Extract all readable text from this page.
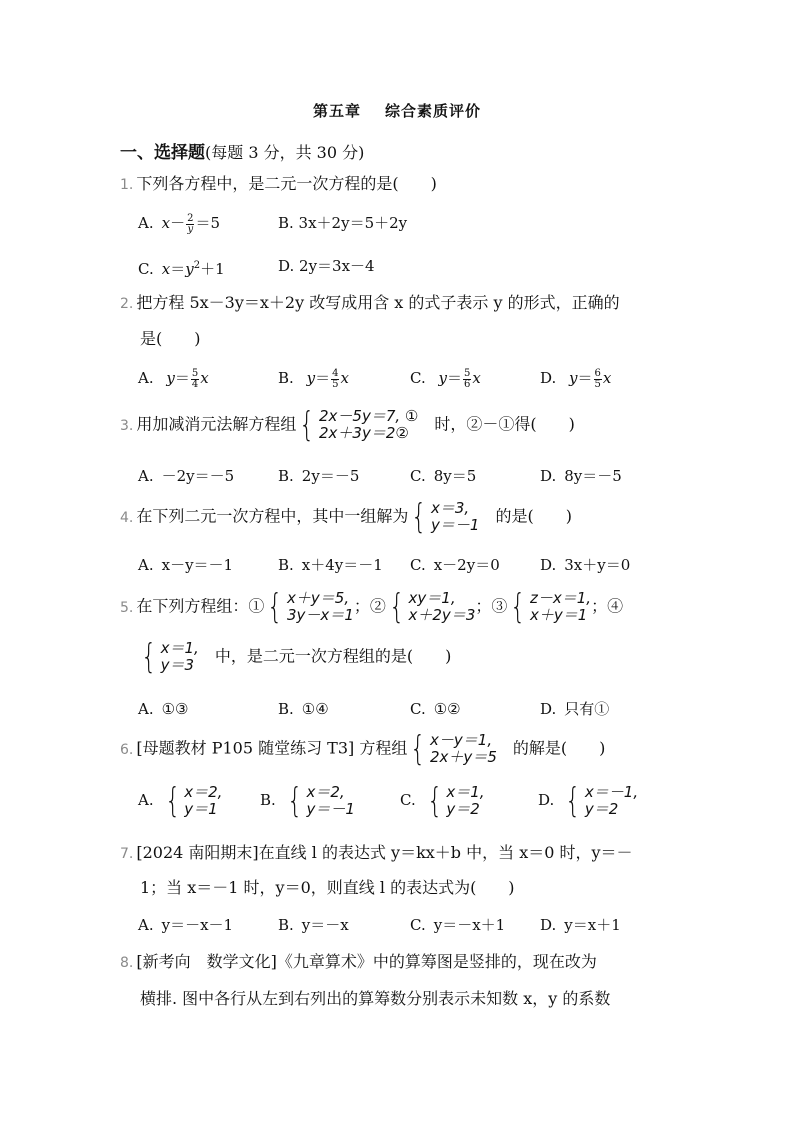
第五章 综合素质评价
一、选择题(每题 3 分，共 30 分)
1. 下列各方程中，是二元一次方程的是(　　)
A. $x- \frac{2}{y} =5$	B. 3x＋2y＝5＋2y
C. $x=y^2+1$	D. 2y＝3x－4
2. 把方程 5x－3y＝x＋2y 改写成用含 x 的式子表示 y 的形式，正确的
是(　　)
A. $y= \frac{5}{4}$ x	B. $y= \frac{4}{5}$ x	C. $y= \frac{5}{6}$ x	D. $y= \frac{6}{5}$ x
3. 用加减消元法解方程组 { 2x－5y＝7, ①
2x＋3y＝2②
　	时，②－①得(　　)
A. －2y＝－5	B. 2y＝－5	C. 8y＝5	D. 8y＝－5
4. 在下列二元一次方程中，其中一组解为 { x＝3,
y＝－1
　 的是(　　)
A. x－y＝－1	B. x＋4y＝－1 C. x－2y＝0	D. 3x＋y＝0
5. 在下列方程组：① { x＋y＝5,
3y－x＝1 ；② { xy＝1,
x＋2y＝3 ；③ { z－x＝1,
x＋y＝1 ；④
{ x＝1,
y＝3
　 中，是二元一次方程组的是(　　)
A. ①③	B. ①④	C. ①②	D. 只有①
6. [母题教材 P105 随堂练习 T3] 方程组 { x－y＝1,
2x＋y＝5
　 的解是(　　)
A. { x＝2,
y＝1	B. { x＝2,
y＝－1	C. { x＝1,
y＝2	D. { x＝－1,
y＝2
7. [2024 南阳期末]在直线 l 的表达式 y＝kx＋b 中，当 x＝0 时，y＝－
1；当 x＝－1 时，y＝0，则直线 l 的表达式为(　　)
A. y＝－x－1	B. y＝－x	C. y＝－x＋1 D. y＝x＋1
8. [新考向　数学文化]《九章算术》中的算筹图是竖排的，现在改为
横排. 图中各行从左到右列出的算筹数分别表示未知数 x，y 的系数
